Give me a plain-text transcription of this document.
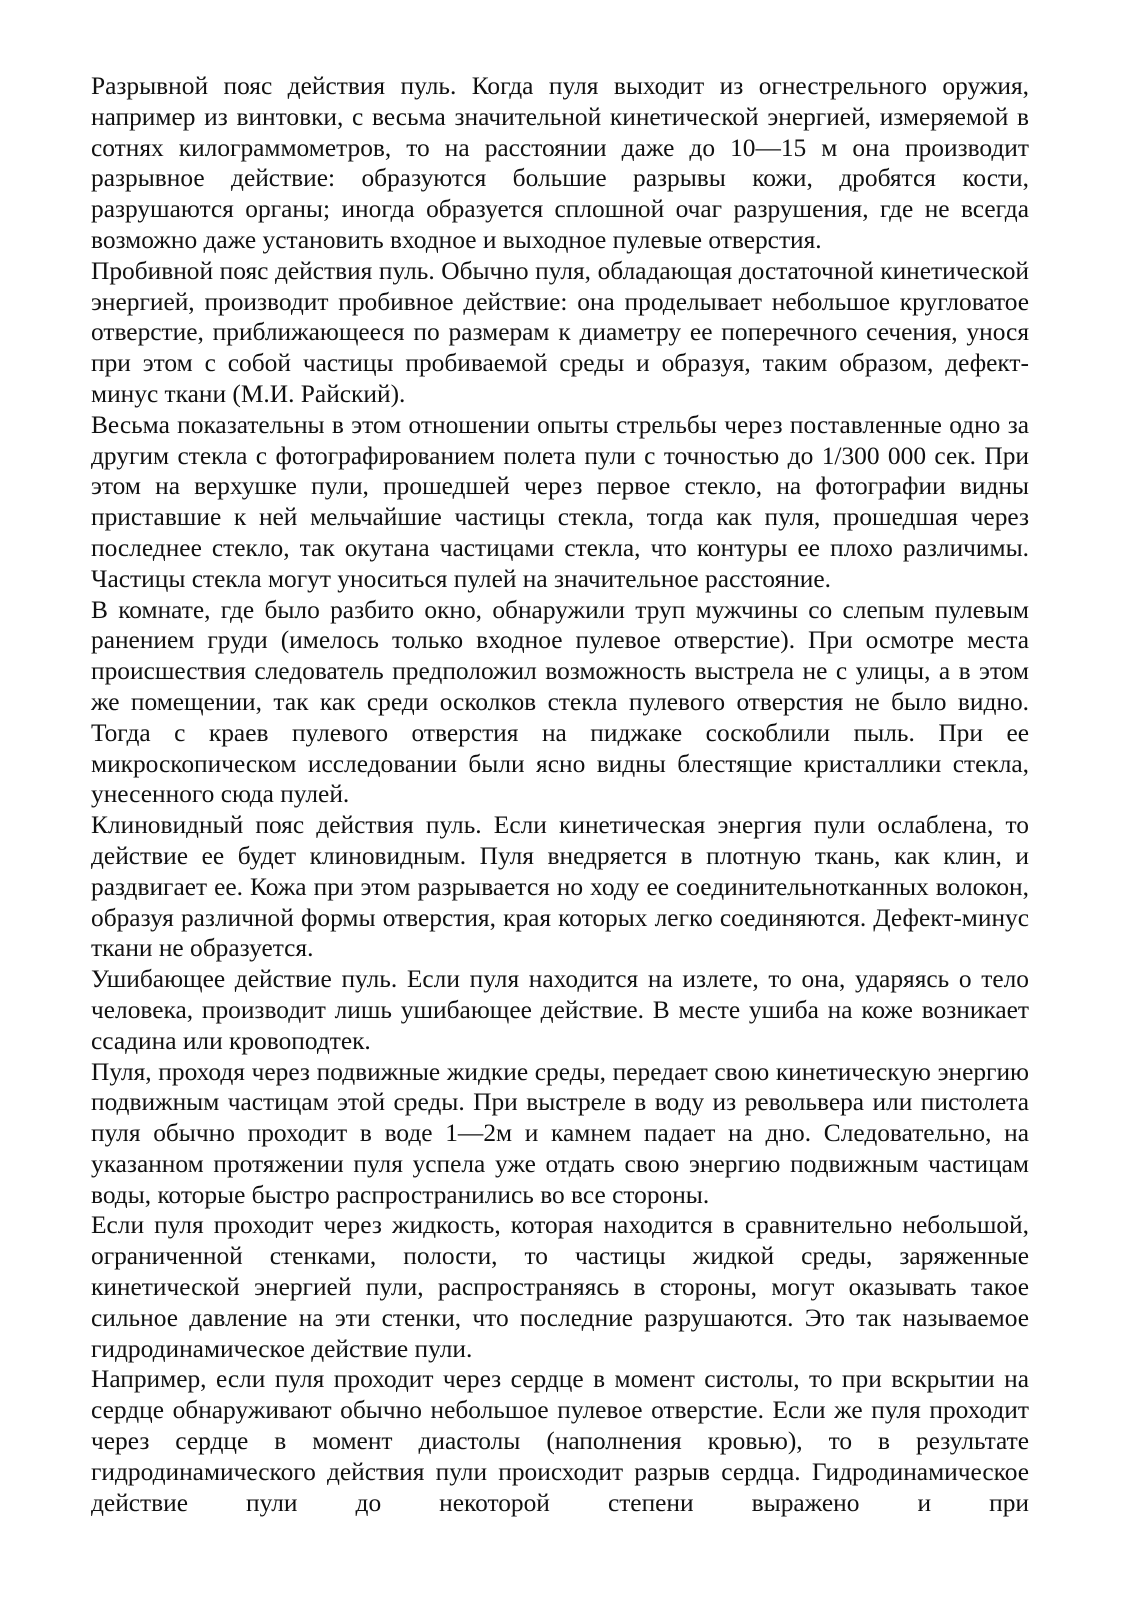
Разрывной пояс действия пуль. Когда пуля выходит из огнестрельного оружия, например из винтовки, с весьма значительной кинетической энергией, измеряемой в сотнях килограммометров, то на расстоянии даже до 10—15 м она производит разрывное действие: образуются большие разрывы кожи, дробятся кости, разрушаются органы; иногда образуется сплошной очаг разрушения, где не всегда возможно даже установить входное и выходное пулевые отверстия.

Пробивной пояс действия пуль. Обычно пуля, обладающая достаточной кинетической энергией, производит пробивное действие: она проделывает небольшое кругловатое отверстие, приближающееся по размерам к диаметру ее поперечного сечения, унося при этом с собой частицы пробиваемой среды и образуя, таким образом, дефект-минус ткани (М.И. Райский).

Весьма показательны в этом отношении опыты стрельбы через поставленные одно за другим стекла с фотографированием полета пули с точностью до 1/300 000 сек. При этом на верхушке пули, прошедшей через первое стекло, на фотографии видны приставшие к ней мельчайшие частицы стекла, тогда как пуля, прошедшая через последнее стекло, так окутана частицами стекла, что контуры ее плохо различимы. Частицы стекла могут уноситься пулей на значительное расстояние.

В комнате, где было разбито окно, обнаружили труп мужчины со слепым пулевым ранением груди (имелось только входное пулевое отверстие). При осмотре места происшествия следователь предположил возможность выстрела не с улицы, а в этом же помещении, так как среди осколков стекла пулевого отверстия не было видно. Тогда с краев пулевого отверстия на пиджаке соскоблили пыль. При ее микроскопическом исследовании были ясно видны блестящие кристаллики стекла, унесенного сюда пулей.

Клиновидный пояс действия пуль. Если кинетическая энергия пули ослаблена, то действие ее будет клиновидным. Пуля внедряется в плотную ткань, как клин, и раздвигает ее. Кожа при этом разрывается но ходу ее соединительнотканных волокон, образуя различной формы отверстия, края которых легко соединяются. Дефект-минус ткани не образуется.

Ушибающее действие пуль. Если пуля находится на излете, то она, ударяясь о тело человека, производит лишь ушибающее действие. В месте ушиба на коже возникает ссадина или кровоподтек.

Пуля, проходя через подвижные жидкие среды, передает свою кинетическую энергию подвижным частицам этой среды. При выстреле в воду из револьвера или пистолета пуля обычно проходит в воде 1—2м и камнем падает на дно. Следовательно, на указанном протяжении пуля успела уже отдать свою энергию подвижным частицам воды, которые быстро распространились во все стороны.

Если пуля проходит через жидкость, которая находится в сравнительно небольшой, ограниченной стенками, полости, то частицы жидкой среды, заряженные кинетической энергией пули, распространяясь в стороны, могут оказывать такое сильное давление на эти стенки, что последние разрушаются. Это так называемое гидродинамическое действие пули.

Например, если пуля проходит через сердце в момент систолы, то при вскрытии на сердце обнаруживают обычно небольшое пулевое отверстие. Если же пуля проходит через сердце в момент диастолы (наполнения кровью), то в результате гидродинамического действия пули происходит разрыв сердца. Гидродинамическое действие пули до некоторой степени выражено и при
